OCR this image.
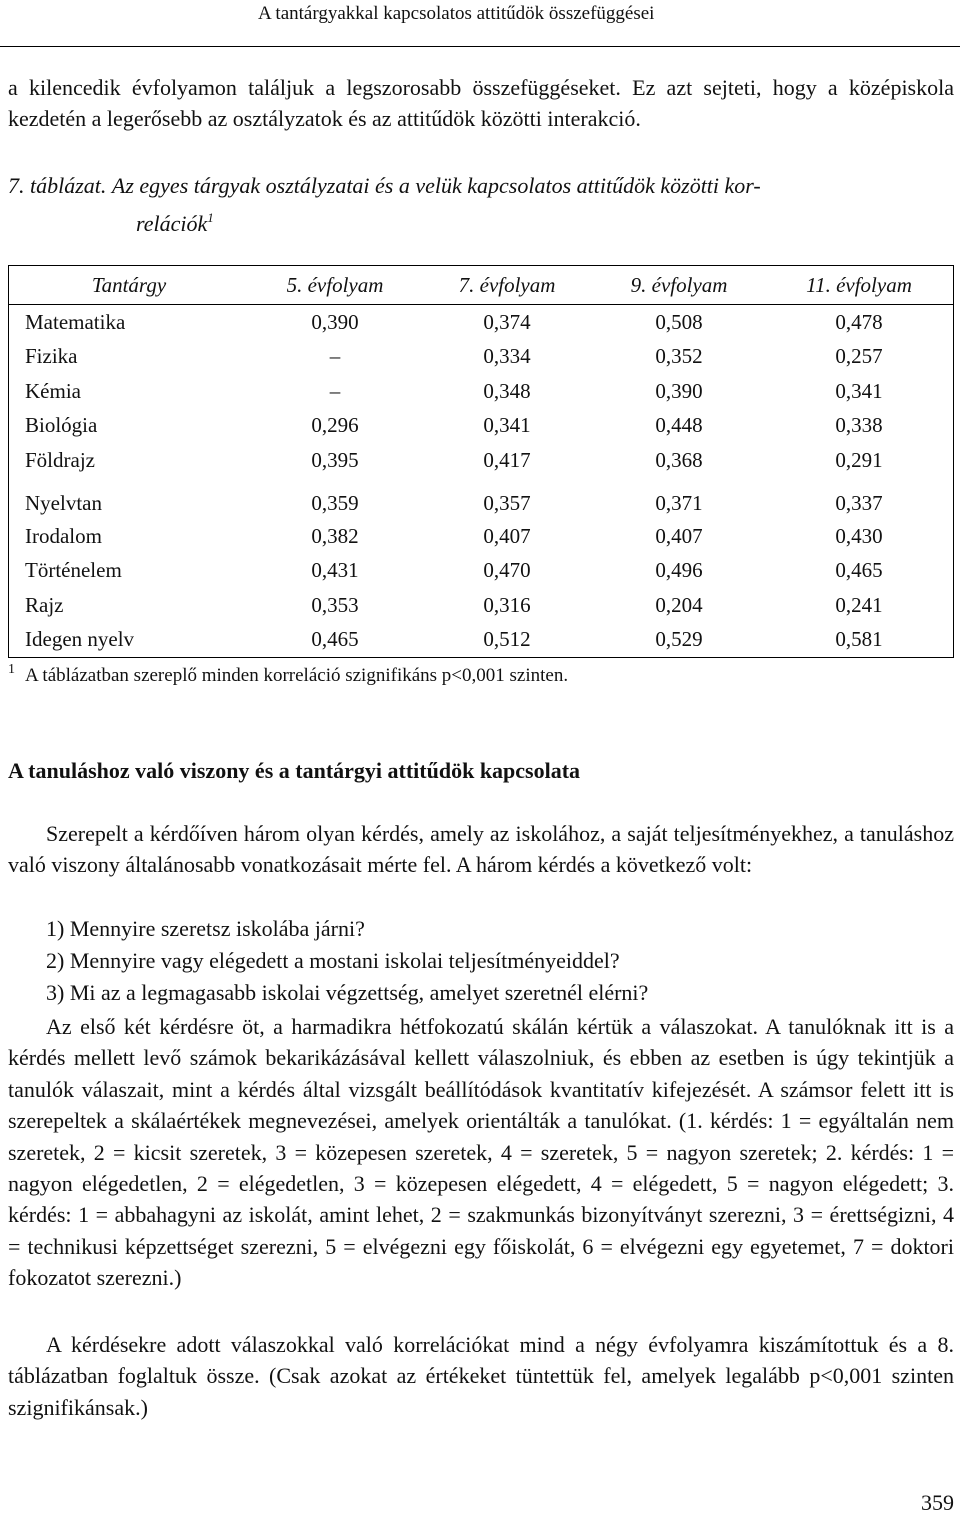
A tantárgyakkal kapcsolatos attitűdök összefüggései
a kilencedik évfolyamon találjuk a legszorosabb összefüggéseket. Ez azt sejteti, hogy a középiskola kezdetén a legerősebb az osztályzatok és az attitűdök közötti interakció.
7. táblázat. Az egyes tárgyak osztályzatai és a velük kapcsolatos attitűdök közötti kor-
relációk$^1$
Tantárgy	5. évfolyam	7. évfolyam	9. évfolyam	11. évfolyam
Matematika	0,390	0,374	0,508	0,478
Fizika	–	0,334	0,352	0,257
Kémia	–	0,348	0,390	0,341
Biológia	0,296	0,341	0,448	0,338
Földrajz	0,395	0,417	0,368	0,291
Nyelvtan	0,359	0,357	0,371	0,337
Irodalom	0,382	0,407	0,407	0,430
Történelem	0,431	0,470	0,496	0,465
Rajz	0,353	0,316	0,204	0,241
Idegen nyelv	0,465	0,512	0,529	0,581
$^1$ A táblázatban szereplő minden korreláció szignifikáns p<0,001 szinten.
A tanuláshoz való viszony és a tantárgyi attitűdök kapcsolata
Szerepelt a kérdőíven három olyan kérdés, amely az iskolához, a saját teljesítményekhez, a tanuláshoz való viszony általánosabb vonatkozásait mérte fel. A három kérdés a következő volt:
1) Mennyire szeretsz iskolába járni?
2) Mennyire vagy elégedett a mostani iskolai teljesítményeiddel?
3) Mi az a legmagasabb iskolai végzettség, amelyet szeretnél elérni?
Az első két kérdésre öt, a harmadikra hétfokozatú skálán kértük a válaszokat. A tanulóknak itt is a kérdés mellett levő számok bekarikázásával kellett válaszolniuk, és ebben az esetben is úgy tekintjük a tanulók válaszait, mint a kérdés által vizsgált beállítódások kvantitatív kifejezését. A számsor felett itt is szerepeltek a skálaértékek megnevezései, amelyek orientálták a tanulókat. (1. kérdés: 1 = egyáltalán nem szeretek, 2 = kicsit szeretek, 3 = közepesen szeretek, 4 = szeretek, 5 = nagyon szeretek; 2. kérdés: 1 = nagyon elégedetlen, 2 = elégedetlen, 3 = közepesen elégedett, 4 = elégedett, 5 = nagyon elégedett; 3. kérdés: 1 = abbahagyni az iskolát, amint lehet, 2 = szakmunkás bizonyítványt szerezni, 3 = érettségizni, 4 = technikusi képzettséget szerezni, 5 = elvégezni egy főiskolát, 6 = elvégezni egy egyetemet, 7 = doktori fokozatot szerezni.)
A kérdésekre adott válaszokkal való korrelációkat mind a négy évfolyamra kiszámítottuk és a 8. táblázatban foglaltuk össze. (Csak azokat az értékeket tüntettük fel, amelyek legalább p<0,001 szinten szignifikánsak.)
359
